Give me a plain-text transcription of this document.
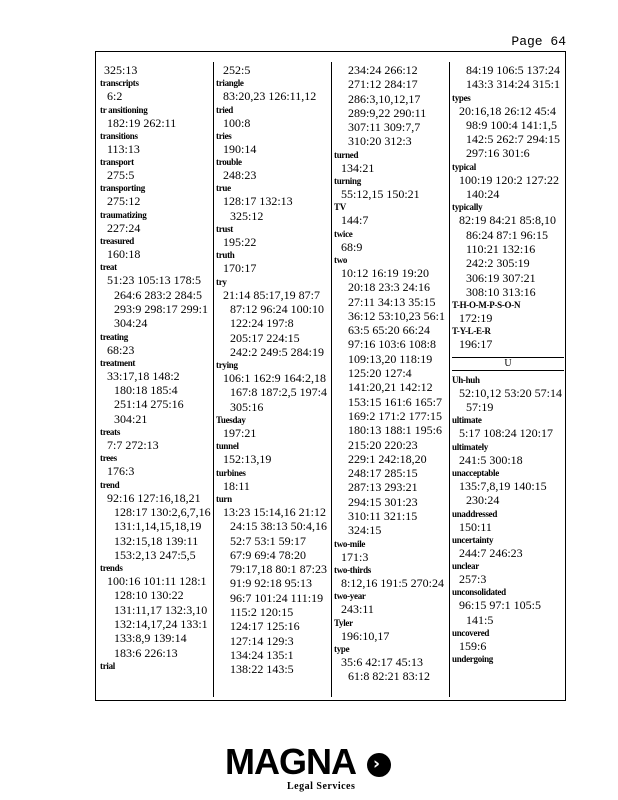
Page 64
325:13
transcripts
6:2
tr ansitioning
182:19 262:11
transitions
113:13
transport
275:5
transporting
275:12
traumatizing
227:24
treasured
160:18
treat
51:23 105:13 178:5
264:6 283:2 284:5
293:9 298:17 299:1
304:24
treating
68:23
treatment
33:17,18 148:2
180:18 185:4
251:14 275:16
304:21
treats
7:7 272:13
trees
176:3
trend
92:16 127:16,18,21
128:17 130:2,6,7,16
131:1,14,15,18,19
132:15,18 139:11
153:2,13 247:5,5
trends
100:16 101:11 128:1
128:10 130:22
131:11,17 132:3,10
132:14,17,24 133:1
133:8,9 139:14
183:6 226:13
trial
252:5
triangle
83:20,23 126:11,12
tried
100:8
tries
190:14
trouble
248:23
true
128:17 132:13
325:12
trust
195:22
truth
170:17
try
21:14 85:17,19 87:7
87:12 96:24 100:10
122:24 197:8
205:17 224:15
242:2 249:5 284:19
trying
106:1 162:9 164:2,18
167:8 187:2,5 197:4
305:16
Tuesday
197:21
tunnel
152:13,19
turbines
18:11
turn
13:23 15:14,16 21:12
24:15 38:13 50:4,16
52:7 53:1 59:17
67:9 69:4 78:20
79:17,18 80:1 87:23
91:9 92:18 95:13
96:7 101:24 111:19
115:2 120:15
124:17 125:16
127:14 129:3
134:24 135:1
138:22 143:5
234:24 266:12
271:12 284:17
286:3,10,12,17
289:9,22 290:11
307:11 309:7,7
310:20 312:3
turned
134:21
turning
55:12,15 150:21
TV
144:7
twice
68:9
two
10:12 16:19 19:20
20:18 23:3 24:16
27:11 34:13 35:15
36:12 53:10,23 56:1
63:5 65:20 66:24
97:16 103:6 108:8
109:13,20 118:19
125:20 127:4
141:20,21 142:12
153:15 161:6 165:7
169:2 171:2 177:15
180:13 188:1 195:6
215:20 220:23
229:1 242:18,20
248:17 285:15
287:13 293:21
294:15 301:23
310:11 321:15
324:15
two-mile
171:3
two-thirds
8:12,16 191:5 270:24
two-year
243:11
Tyler
196:10,17
type
35:6 42:17 45:13
61:8 82:21 83:12
84:19 106:5 137:24
143:3 314:24 315:1
types
20:16,18 26:12 45:4
98:9 100:4 141:1,5
142:5 262:7 294:15
297:16 301:6
typical
100:19 120:2 127:22
140:24
typically
82:19 84:21 85:8,10
86:24 87:1 96:15
110:21 132:16
242:2 305:19
306:19 307:21
308:10 313:16
T-H-O-M-P-S-O-N
172:19
T-Y-L-E-R
196:17
U
Uh-huh
52:10,12 53:20 57:14
57:19
ultimate
5:17 108:24 120:17
ultimately
241:5 300:18
unacceptable
135:7,8,19 140:15
230:24
unaddressed
150:11
uncertainty
244:7 246:23
unclear
257:3
unconsolidated
96:15 97:1 105:5
141:5
uncovered
159:6
undergoing
MAGNA ›
Legal Services
